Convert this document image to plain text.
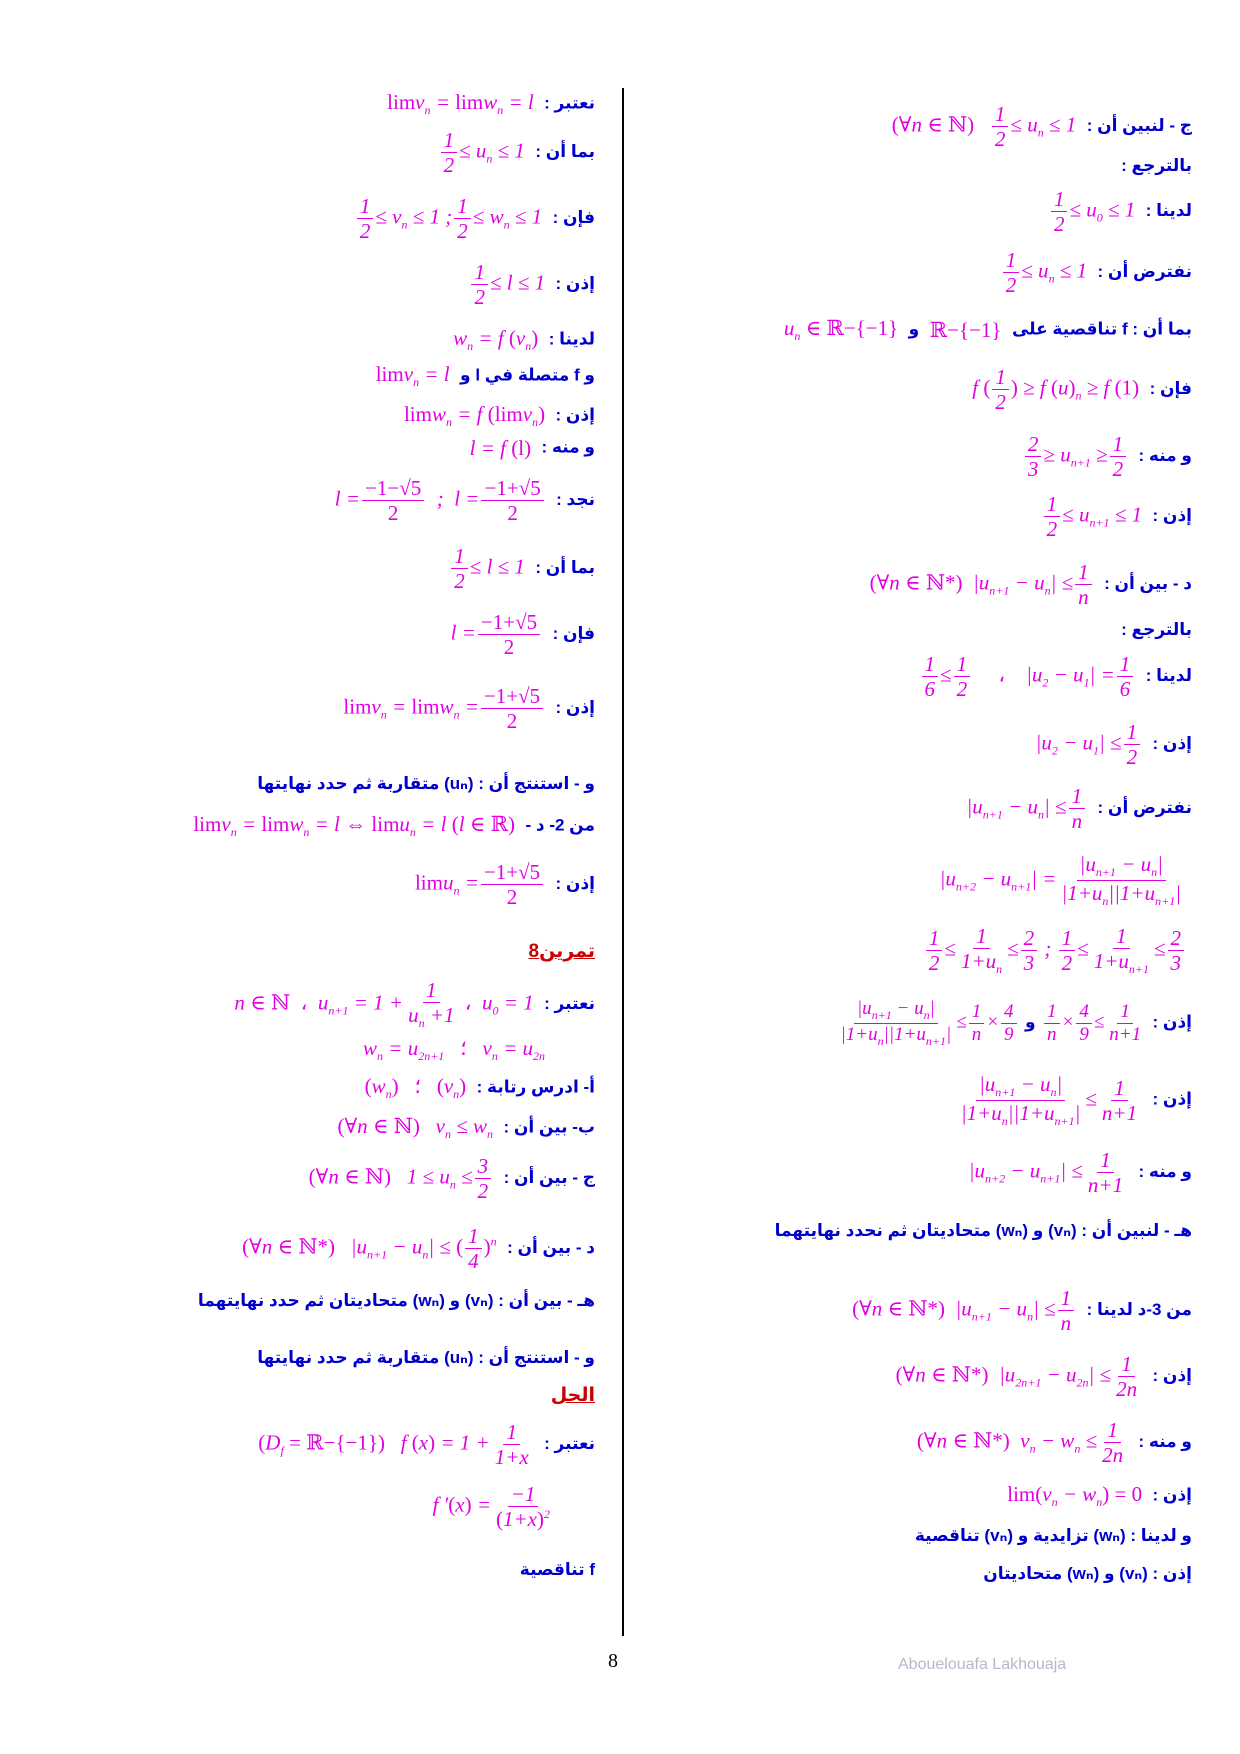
ج - لنبين أن : (∀n ∈ ℕ) $\frac{1}{2} \le u_n \le 1$
بالترجع :
لدينا :
$\frac{1}{2} \le u_0 \le 1$
نفترض أن :
$\frac{1}{2} \le u_n \le 1$
بما أن : f تناقصية على ℝ−{−1} و $u_n$ ∈ ℝ−{−1}
فإن : f ( $\frac{1}{2}$ ) ≥ f $(u)_n \ge f$ (1)
و منه :
$\frac{2}{3} \ge u_{n+1} \ge \frac{1}{2}$
إذن :
$\frac{1}{2} \le u_{n+1} \le 1$
د - بين أن : (∀n ∈ ℕ*)  $|u_{n+1} - u_n| \le \frac{1}{n}$
بالترجع :
لدينا :
$\frac{1}{6} \le \frac{1}{2}$ ،    $|u_2 - u_1| = \frac{1}{6}$
إذن : $|u_2 - u_1| \le \frac{1}{2}$
نفترض أن : $|u_{n+1} - u_n| \le \frac{1}{n}$
$|u_{n+2} - u_{n+1}| = \frac{|u_{n+1} - u_n|}{|1+u_n||1+u_{n+1}|}$
$\frac{1}{2} \le \frac{1}{1+u_n} \le \frac{2}{3}$ ; $\frac{1}{2} \le \frac{1}{1+u_{n+1}} \le \frac{2}{3}$
إذن :
$\frac{1}{n} \times \frac{4}{9} \le \frac{1}{n+1}$
و
$\frac{|u_{n+1} - u_n|}{|1+u_n||1+u_{n+1}|} \le \frac{1}{n} \times \frac{4}{9}$
إذن :
$\frac{|u_{n+1} - u_n|}{|1+u_n||1+u_{n+1}|} \le \frac{1}{n+1}$
و منه : $|u_{n+2} - u_{n+1}| \le \frac{1}{n+1}$
هـ - لنبين أن : (vₙ) و (wₙ) متحاديتان ثم نحدد نهايتهما
من 3-د لدينا : (∀n ∈ ℕ*)  $|u_{n+1} - u_n| \le \frac{1}{n}$
إذن : (∀n ∈ ℕ*)  $|u_{2n+1} - u_{2n}| \le \frac{1}{2n}$
و منه : (∀n ∈ ℕ*)  $v_n - w_n \le \frac{1}{2n}$
إذن : $\lim(v_n - w_n) = 0$
و لدينا : (wₙ) تزايدية و (vₙ) تناقصية
إذن : (vₙ) و (wₙ) متحاديتان
نعتبر : limv$_n$ = limw$_n$ = l
بما أن :
$\frac{1}{2} \le u_n \le 1$
فإن :
$\frac{1}{2} \le v_n \le 1$ ; $\frac{1}{2} \le w_n \le 1$
إذن :
$\frac{1}{2} \le l \le 1$
لدينا : $w_n = f$ $(v_n)$
و f متصلة في l و limv$_n$ = l
إذن : limw$_n$ = f (limv$_n$)
و منه : l = f (l)
نجد : $l = \frac{-1-√5}{2}$ ;  $l = \frac{-1+√5}{2}$
بما أن :
$\frac{1}{2} \le l \le 1$
فإن : $l = \frac{-1+√5}{2}$
إذن : $\lim v_n = \lim w_n = \frac{-1+√5}{2}$
و - استنتج أن : (uₙ) متقاربة ثم حدد نهايتها
من 2- د - limv$_n$ = limw$_n$ = l ⇔ limu$_n$ = l (l ∈ ℝ)
إذن : $\lim u_n = \frac{-1+√5}{2}$
تمرين8
نعتبر : n ∈ ℕ ،  $u_{n+1} = 1 + \frac{1}{u_n +1}$ ،  $u_0 = 1$
$w_n = u_{2n+1}$ ؛   $v_n = u_{2n}$
أ- ادرس رتابة : $(w_n)$ ؛ $(v_n)$
ب- بين أن : (∀n ∈ ℕ)   $v_n \le w_n$
ج - بين أن : (∀n ∈ ℕ)   $1 \le u_n \le \frac{3}{2}$
د - بين أن : (∀n ∈ ℕ*)   $|u_{n+1} - u_n|$ ≤ ( $\frac{1}{4} )^n$
هـ - بين أن : (vₙ) و (wₙ) متحاديتان ثم حدد نهايتهما
و - استنتج أن : (uₙ) متقاربة ثم حدد نهايتها
الحل
نعتبر : ($D_f$ = ℝ−{−1})   f $(x) = 1 + \frac{1}{1+x}$
f $'(x) = \frac{-1}{(1+x)^2}$
f تناقصية
8	Abouelouafa Lakhouaja
